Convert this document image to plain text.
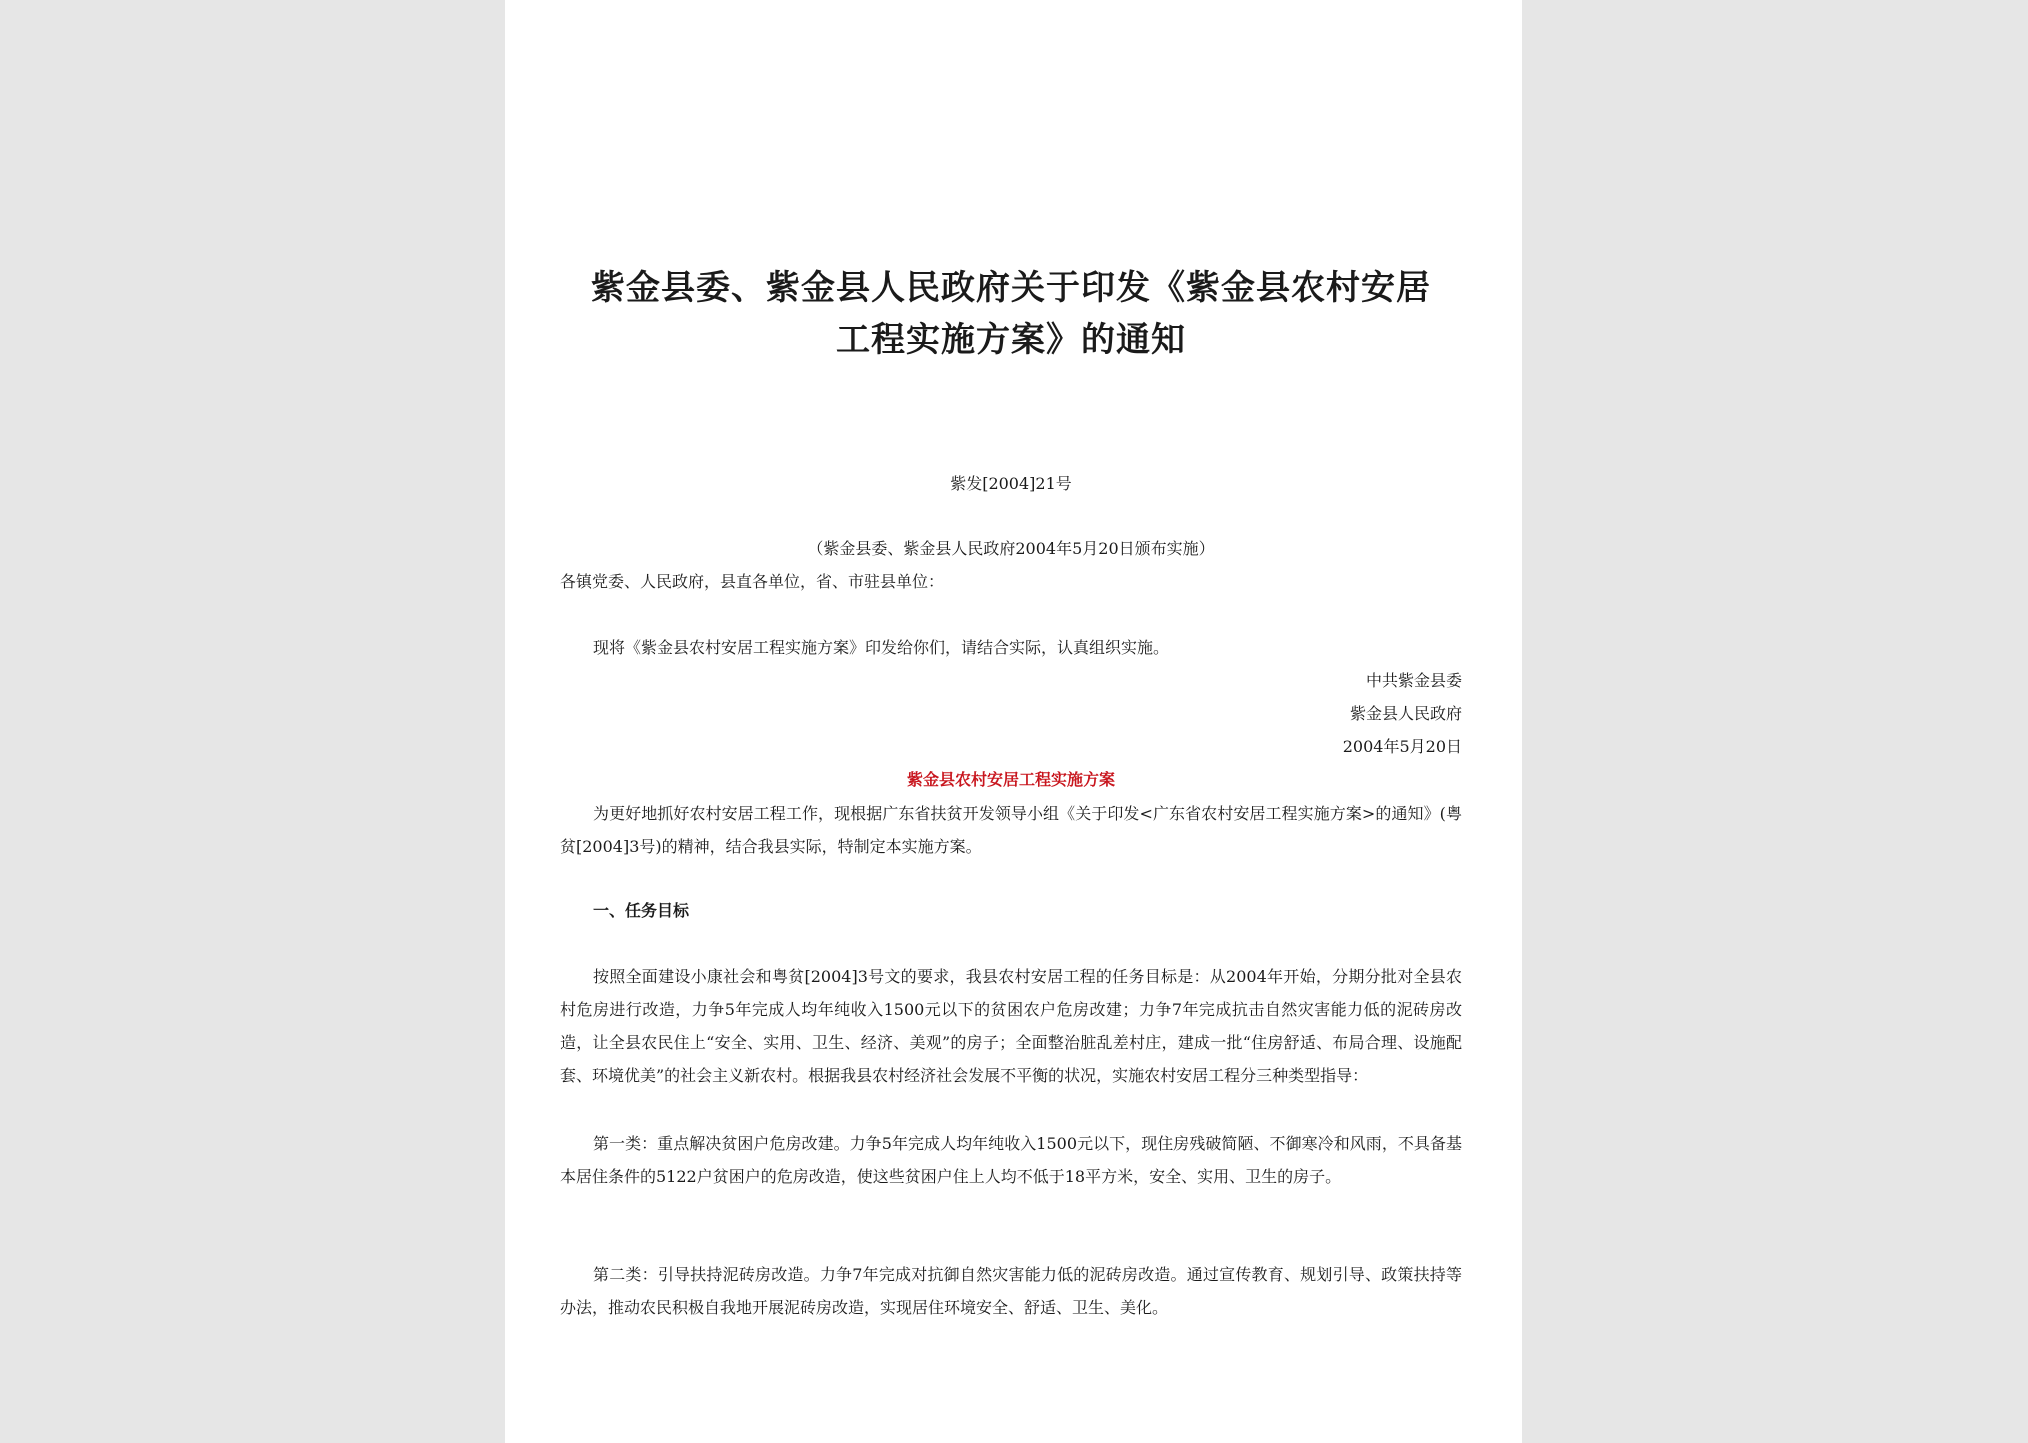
紫金县委、紫金县人民政府关于印发《紫金县农村安居
工程实施方案》的通知
紫发[2004]21号
（紫金县委、紫金县人民政府2004年5月20日颁布实施）
各镇党委、人民政府，县直各单位，省、市驻县单位：
现将《紫金县农村安居工程实施方案》印发给你们，请结合实际，认真组织实施。
中共紫金县委
紫金县人民政府
2004年5月20日
紫金县农村安居工程实施方案
为更好地抓好农村安居工程工作，现根据广东省扶贫开发领导小组《关于印发<广东省农村安居工程实施方案>的通知》(粤贫[2004]3号)的精神，结合我县实际，特制定本实施方案。
一、任务目标
按照全面建设小康社会和粤贫[2004]3号文的要求，我县农村安居工程的任务目标是：从2004年开始，分期分批对全县农村危房进行改造，力争5年完成人均年纯收入1500元以下的贫困农户危房改建；力争7年完成抗击自然灾害能力低的泥砖房改造，让全县农民住上“安全、实用、卫生、经济、美观”的房子；全面整治脏乱差村庄，建成一批“住房舒适、布局合理、设施配套、环境优美”的社会主义新农村。根据我县农村经济社会发展不平衡的状况，实施农村安居工程分三种类型指导：
第一类：重点解决贫困户危房改建。力争5年完成人均年纯收入1500元以下，现住房残破简陋、不御寒冷和风雨，不具备基本居住条件的5122户贫困户的危房改造，使这些贫困户住上人均不低于18平方米，安全、实用、卫生的房子。
第二类：引导扶持泥砖房改造。力争7年完成对抗御自然灾害能力低的泥砖房改造。通过宣传教育、规划引导、政策扶持等办法，推动农民积极自我地开展泥砖房改造，实现居住环境安全、舒适、卫生、美化。
